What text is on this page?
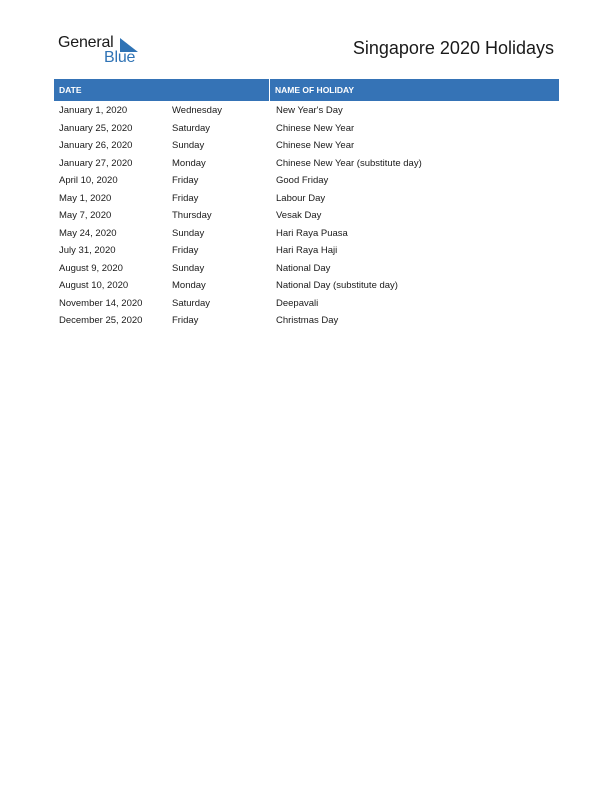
General
Blue	Singapore 2020 Holidays
DATE	NAME OF HOLIDAY
January 1, 2020	Wednesday	New Year's Day
January 25, 2020	Saturday	Chinese New Year
January 26, 2020	Sunday	Chinese New Year
January 27, 2020	Monday	Chinese New Year (substitute day)
April 10, 2020	Friday	Good Friday
May 1, 2020	Friday	Labour Day
May 7, 2020	Thursday	Vesak Day
May 24, 2020	Sunday	Hari Raya Puasa
July 31, 2020	Friday	Hari Raya Haji
August 9, 2020	Sunday	National Day
August 10, 2020	Monday	National Day (substitute day)
November 14, 2020	Saturday	Deepavali
December 25, 2020	Friday	Christmas Day
